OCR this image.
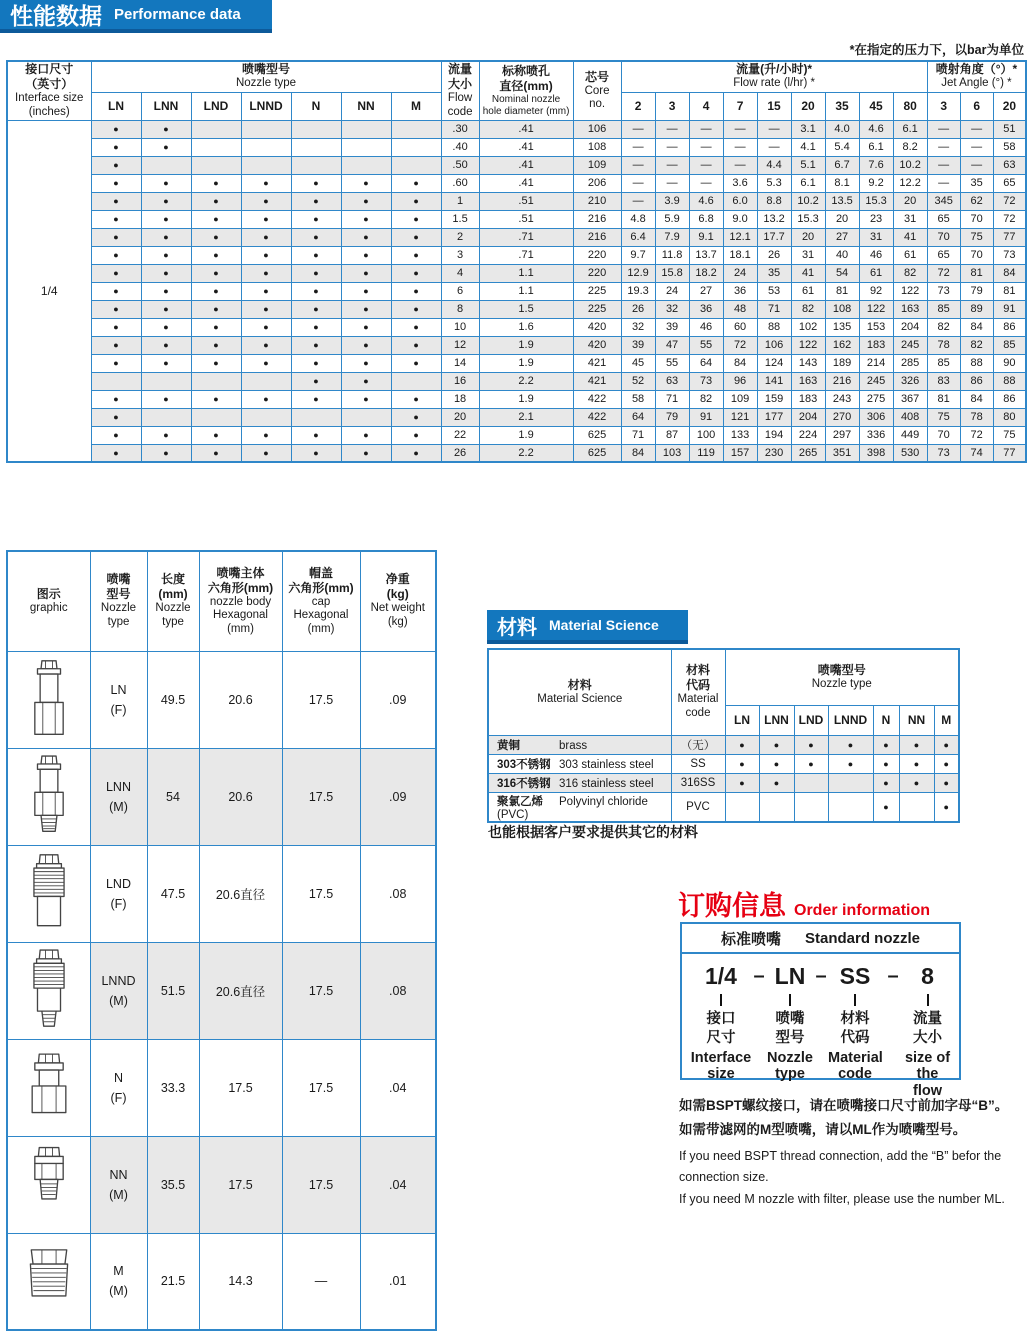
性能数据 Performance data
*在指定的压力下，以bar为单位
接口尺寸
（英寸）
Interface size
(inches)

喷嘴型号
Nozzle type

流量
大小
Flow
code

标称喷孔
直径(mm)
Nominal nozzle
hole diameter (mm)

芯号
Core
no.

流量(升/小时)*
Flow rate (l/hr) *

喷射角度（°）*
Jet Angle (°) *

	LN	LNN	LND	LNND	N	NN	M				2	3	4	7	15	20	35	45	80	3	6	20
1/4	●	●						.30	.41	106	—	—	—	—	—	3.1	4.0	4.6	6.1	—	—	51
	●	●						.40	.41	108	—	—	—	—	—	4.1	5.4	6.1	8.2	—	—	58
	●							.50	.41	109	—	—	—	—	4.4	5.1	6.7	7.6	10.2	—	—	63
	●	●	●	●	●	●	●	.60	.41	206	—	—	—	3.6	5.3	6.1	8.1	9.2	12.2	—	35	65
	●	●	●	●	●	●	●	1	.51	210	—	3.9	4.6	6.0	8.8	10.2	13.5	15.3	20	345	62	72
	●	●	●	●	●	●	●	1.5	.51	216	4.8	5.9	6.8	9.0	13.2	15.3	20	23	31	65	70	72
	●	●	●	●	●	●	●	2	.71	216	6.4	7.9	9.1	12.1	17.7	20	27	31	41	70	75	77
	●	●	●	●	●	●	●	3	.71	220	9.7	11.8	13.7	18.1	26	31	40	46	61	65	70	73
	●	●	●	●	●	●	●	4	1.1	220	12.9	15.8	18.2	24	35	41	54	61	82	72	81	84
	●	●	●	●	●	●	●	6	1.1	225	19.3	24	27	36	53	61	81	92	122	73	79	81
	●	●	●	●	●	●	●	8	1.5	225	26	32	36	48	71	82	108	122	163	85	89	91
	●	●	●	●	●	●	●	10	1.6	420	32	39	46	60	88	102	135	153	204	82	84	86
	●	●	●	●	●	●	●	12	1.9	420	39	47	55	72	106	122	162	183	245	78	82	85
	●	●	●	●	●	●	●	14	1.9	421	45	55	64	84	124	143	189	214	285	85	88	90
					●	●		16	2.2	421	52	63	73	96	141	163	216	245	326	83	86	88
	●	●	●	●	●	●	●	18	1.9	422	58	71	82	109	159	183	243	275	367	81	84	86
	●						●	20	2.1	422	64	79	91	121	177	204	270	306	408	75	78	80
	●	●	●	●	●	●	●	22	1.9	625	71	87	100	133	194	224	297	336	449	70	72	75
	●	●	●	●	●	●	●	26	2.2	625	84	103	119	157	230	265	351	398	530	73	74	77
图示
graphic

喷嘴
型号
Nozzle
type

长度
(mm)
Nozzle
type

喷嘴主体
六角形(mm)
nozzle body
Hexagonal
(mm)

帽盖
六角形(mm)
cap
Hexagonal
(mm)

净重
(kg)
Net weight
(kg)

LN
(F)	49.5	20.6	17.5	.09

LNN
(M)	54	20.6	17.5	.09

LND
(F)	47.5	20.6直径	17.5	.08

LNND
(M)	51.5	20.6直径	17.5	.08

N
(F)	33.3	17.5	17.5	.04

NN
(M)	35.5	17.5	17.5	.04

M
(M)	21.5	14.3	—	.01
材料 Material Science
材料
Material Science

材料
代码
Material
code

喷嘴型号
Nozzle type

		LN	LNN	LND	LNND	N	NN	M
黄铜 brass	（无）	●	●	●	●	●	●	●
303不锈钢 303 stainless steel	SS	●	●	●	●	●	●	●
316不锈钢 316 stainless steel	316SS	●	●			●	●	●
聚氯乙烯 Polyvinyl chloride (PVC)	PVC					●		●
也能根据客户要求提供其它的材料
订购信息 Order information
标准喷嘴 Standard nozzle
1/4 – LN – SS – 8
接口
尺寸
喷嘴
型号
材料
代码
流量
大小
Interface
size
Nozzle
type
Material
code
size of
the flow
如需BSPT螺纹接口，请在喷嘴接口尺寸前加字母“B”。
如需带滤网的M型喷嘴，请以ML作为喷嘴型号。
If you need BSPT thread connection, add the “B” befor the connection size.
If you need M nozzle with filter, please use the number ML.
